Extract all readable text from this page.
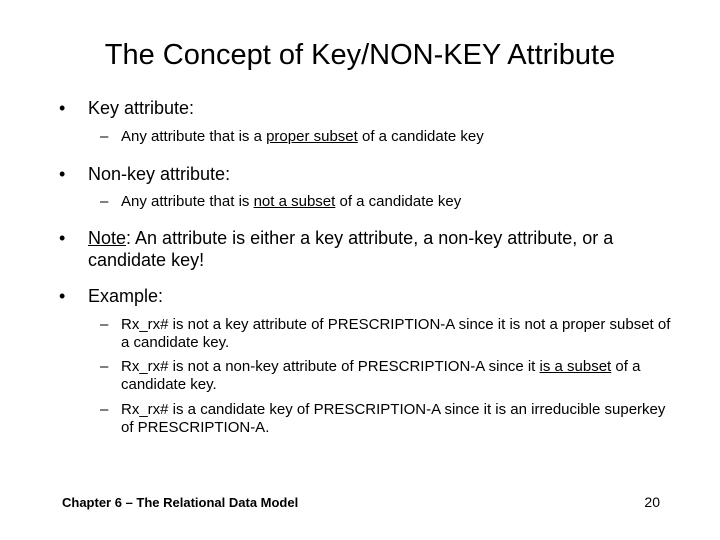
The Concept of Key/NON-KEY Attribute
•	Key attribute:
– Any attribute that is a proper subset of a candidate key
•	Non-key attribute:
– Any attribute that is not a subset of a candidate key
•	Note: An attribute is either a key attribute, a non-key attribute, or a candidate key!
•	Example:
– Rx_rx# is not a key attribute of PRESCRIPTION-A since it is not a proper subset of a candidate key.
– Rx_rx# is not a non-key attribute of PRESCRIPTION-A since it is a subset of a candidate key.
– Rx_rx# is a candidate key of PRESCRIPTION-A since it is an irreducible superkey of PRESCRIPTION-A.
Chapter 6 – The Relational Data Model	20
